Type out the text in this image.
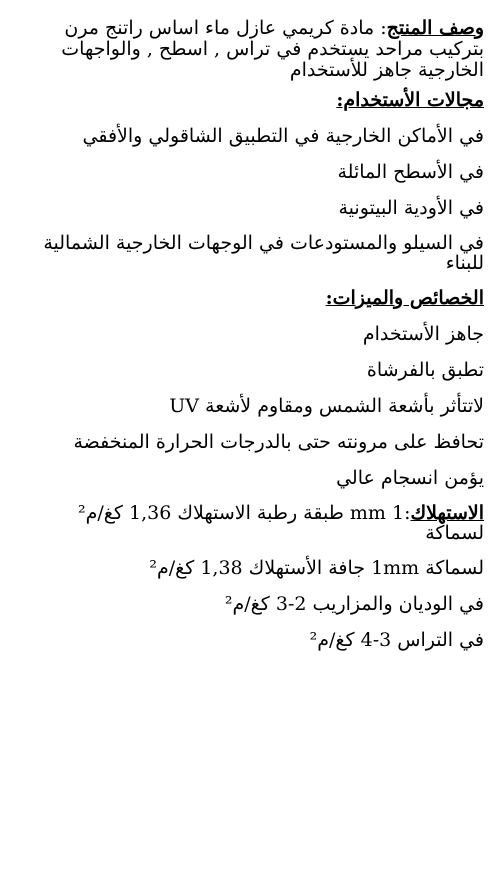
وصف المنتج: مادة كريمي عازل ماء اساس راتنج مرن بتركيب مراحد يستخدم في تراس , اسطح , والواجهات الخارجية جاهز للأستخدام

مجالات الأستخدام:

في الأماكن الخارجية في التطبيق الشاقولي والأفقي

في الأسطح المائلة

في الأودية البيتونية

في السيلو والمستودعات في الوجهات الخارجية الشمالية للبناء

الخصائص والميزات:

جاهز الأستخدام

تطبق بالفرشاة

لاتتأثر بأشعة الشمس ومقاوم لأشعة UV

تحافظ على مرونته حتى بالدرجات الحرارة المنخفضة

يؤمن انسجام عالي

الاستهلاك:1 mm طبقة رطبة الاستهلاك 1,36 كغ/م² لسماكة

لسماكة 1mm جافة الأستهلاك 1,38 كغ/م²

في الوديان والمزاريب 2-3 كغ/م²

في التراس 3-4 كغ/م²
